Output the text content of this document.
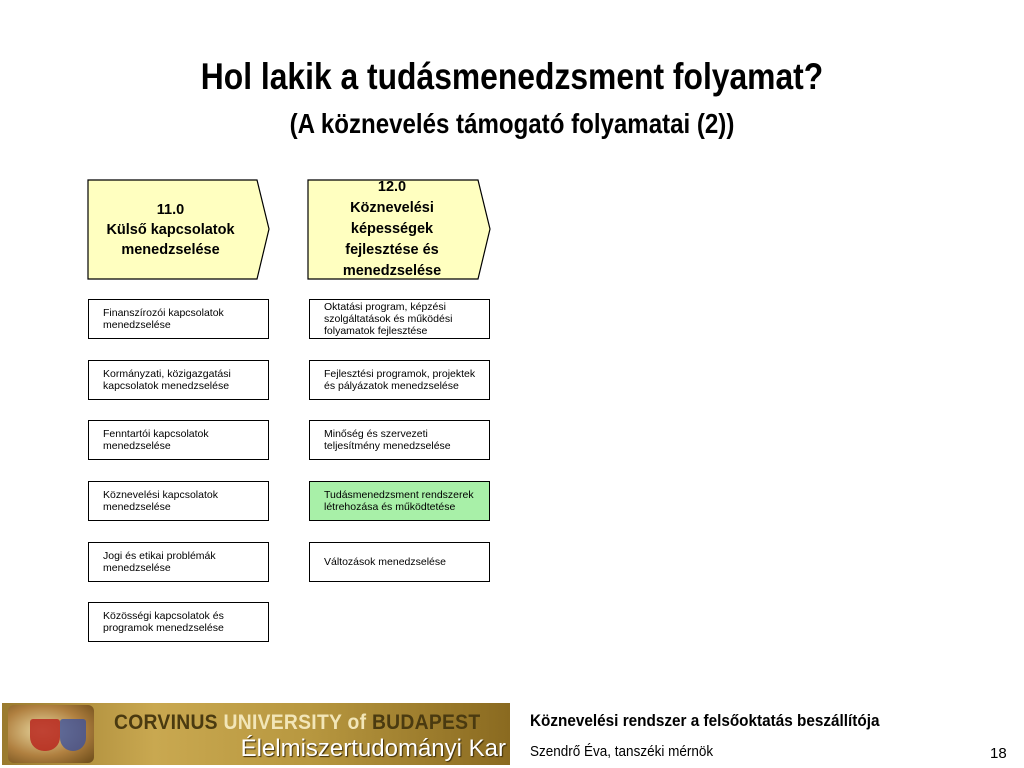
Hol lakik a tudásmenedzsment folyamat?
(A köznevelés támogató folyamatai (2))
11.0
Külső kapcsolatok
menedzselése
12.0
Köznevelési
képességek
fejlesztése és
menedzselése
Finanszírozói kapcsolatok menedzselése
Kormányzati, közigazgatási kapcsolatok menedzselése
Fenntartói kapcsolatok menedzselése
Köznevelési kapcsolatok menedzselése
Jogi és etikai problémák menedzselése
Közösségi kapcsolatok és programok menedzselése
Oktatási program, képzési szolgáltatások és működési folyamatok fejlesztése
Fejlesztési programok, projektek és pályázatok menedzselése
Minőség és szervezeti teljesítmény menedzselése
Tudásmenedzsment rendszerek létrehozása és működtetése
Változások menedzselése
CORVINUS UNIVERSITY of BUDAPEST
Élelmiszertudományi Kar
Köznevelési rendszer a felsőoktatás beszállítója
Szendrő Éva, tanszéki mérnök	18
